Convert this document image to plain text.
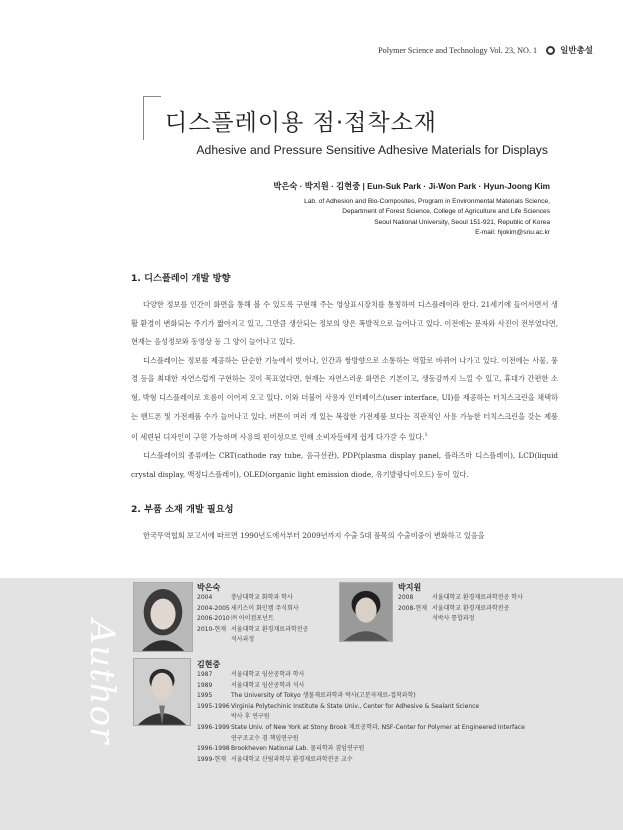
Polymer Science and Technology Vol. 23, NO. 1	일반총설
디스플레이용 점·접착소재
Adhesive and Pressure Sensitive Adhesive Materials for Displays
박은숙 · 박지원 · 김현중 | Eun-Suk Park · Ji-Won Park · Hyun-Joong Kim
Lab. of Adhesion and Bio-Composites, Program in Environmental Materials Science,
Department of Forest Science, College of Agriculture and Life Sciences
Seoul National University, Seoul 151-921, Republic of Korea
E-mail: hjokim@snu.ac.kr
1. 디스플레이 개발 방향

다양한 정보를 인간이 화면을 통해 볼 수 있도록 구현해 주는 영상표시장치를 통칭하여 디스플레이라 한다. 21세기에 들어서면서 생활 환경이 변화되는 주기가 짧아지고 있고, 그만큼 생산되는 정보의 양은 폭발적으로 늘어나고 있다. 이전에는 문자와 사진이 전부였다면, 현재는 음성정보와 동영상 등 그 양이 늘어나고 있다.

디스플레이는 정보를 제공하는 단순한 기능에서 벗어나, 인간과 쌍방향으로 소통하는 역할로 바뀌어 나가고 있다. 이전에는 사물, 풍경 등을 최대한 자연스럽게 구현하는 것이 목표였다면, 현재는 자연스러운 화면은 기본이고, 생동감까지 느낄 수 있고, 휴대가 간편한 소형, 박형 디스플레이로 흐름이 이어져 오고 있다. 이와 더불어 사용자 인터페이스(user interface, UI)를 제공하는 터치스크린을 채택하는 핸드폰 및 가전제품 수가 늘어나고 있다. 버튼이 여러 개 있는 복잡한 가전제품 보다는 직관적인 사용 가능한 터치스크린을 갖는 제품이 세련된 디자인이 구현 가능하며 사용의 편이성으로 인해 소비자들에게 쉽게 다가갈 수 있다.$^1$

디스플레이의 종류에는 CRT(cathode ray tube, 음극선관), PDP(plasma display panel, 플라즈마 디스플레이), LCD(liquid crystal display, 액정디스플레이), OLED(organic light emission diode, 유기발광다이오드) 등이 있다.

2. 부품 소재 개발 필요성

한국무역협회 보고서에 따르면 1990년도에서부터 2009년까지 수출 5대 품목의 수출비중이 변화하고 있음을

Author
박은숙
2004	충남대학교 화학과 학사
2004-2005 세키스이 화인켐 주식회사
2006-2010 ㈜ 아이컴포넌트
2010-현재 서울대학교 환경재료과학전공
석사과정
박지원
2008	서울대학교 환경재료과학전공 학사
2008-현재 서울대학교 환경재료과학전공
석박사 통합과정
김현중
1987	서울대학교 임산공학과 학사
1989	서울대학교 임산공학과 석사
1995	The University of Tokyo 생물재료과학과 박사(고분자재료-접착과학)
1995-1996 Virginia Polytechinic Institute & State Univ., Center for Adhesive & Sealant Science
박사 후 연구원
1996-1999 State Univ. of New York at Stony Brook 재료공학과, NSF-Center for Polymer at Engineered Interface
연구조교수 겸 책임연구원
1996-1998 Brookheven National Lab. 물리학과 겸임연구원
1999-현재 서울대학교 산림과학부 환경재료과학전공 교수
